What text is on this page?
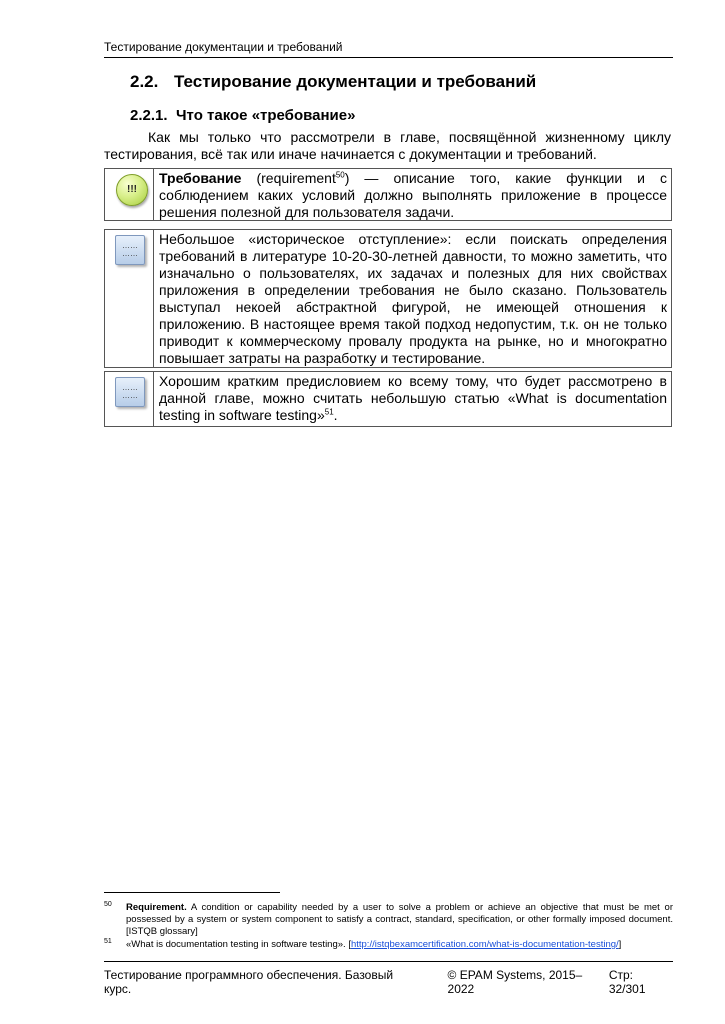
Тестирование документации и требований
2.2. Тестирование документации и требований
2.2.1. Что такое «требование»
Как мы только что рассмотрели в главе, посвящённой жизненному циклу тестирования, всё так или иначе начинается с документации и требований.
!!!
Требование (requirement$^{50}$) — описание того, какие функции и с соблюдением каких условий должно выполнять приложение в процессе решения полезной для пользователя задачи.
……
……
Небольшое «историческое отступление»: если поискать определения требований в литературе 10-20-30-летней давности, то можно заметить, что изначально о пользователях, их задачах и полезных для них свойствах приложения в определении требования не было сказано. Пользователь выступал некоей абстрактной фигурой, не имеющей отношения к приложению. В настоящее время такой подход недопустим, т.к. он не только приводит к коммерческому провалу продукта на рынке, но и многократно повышает затраты на разработку и тестирование.
……
……
Хорошим кратким предисловием ко всему тому, что будет рассмотрено в данной главе, можно считать небольшую статью «What is documentation testing in software testing»$^{51}$.
$^{50}$ Requirement. A condition or capability needed by a user to solve a problem or achieve an objective that must be met or possessed by a system or system component to satisfy a contract, standard, specification, or other formally imposed document. [ISTQB glossary]
$^{51}$ «What is documentation testing in software testing». [http://istqbexamcertification.com/what-is-documentation-testing/]
Тестирование программного обеспечения. Базовый курс.
© EPAM Systems, 2015–2022
Стр: 32/301
